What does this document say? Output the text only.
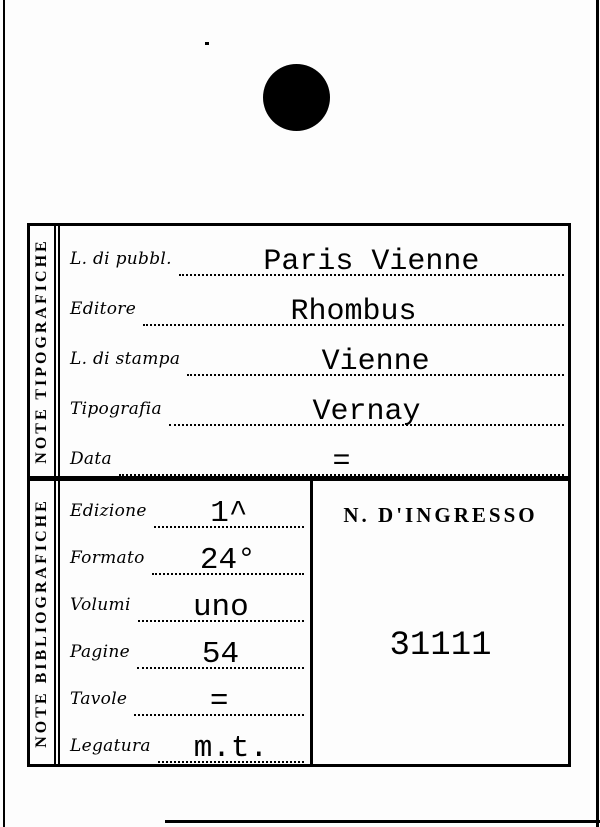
NOTE TIPOGRAFICHE L. di pubbl.	Paris Vienne
Editore	Rhombus
L. di stampa	Vienne
Tipografia	Vernay
Data	=
NOTE BIBLIOGRAFICHE Edizione 1^
Formato 24°
Volumi uno
Pagine 54
Tavole	=
Legatura m.t.
N. D'INGRESSO
31111
